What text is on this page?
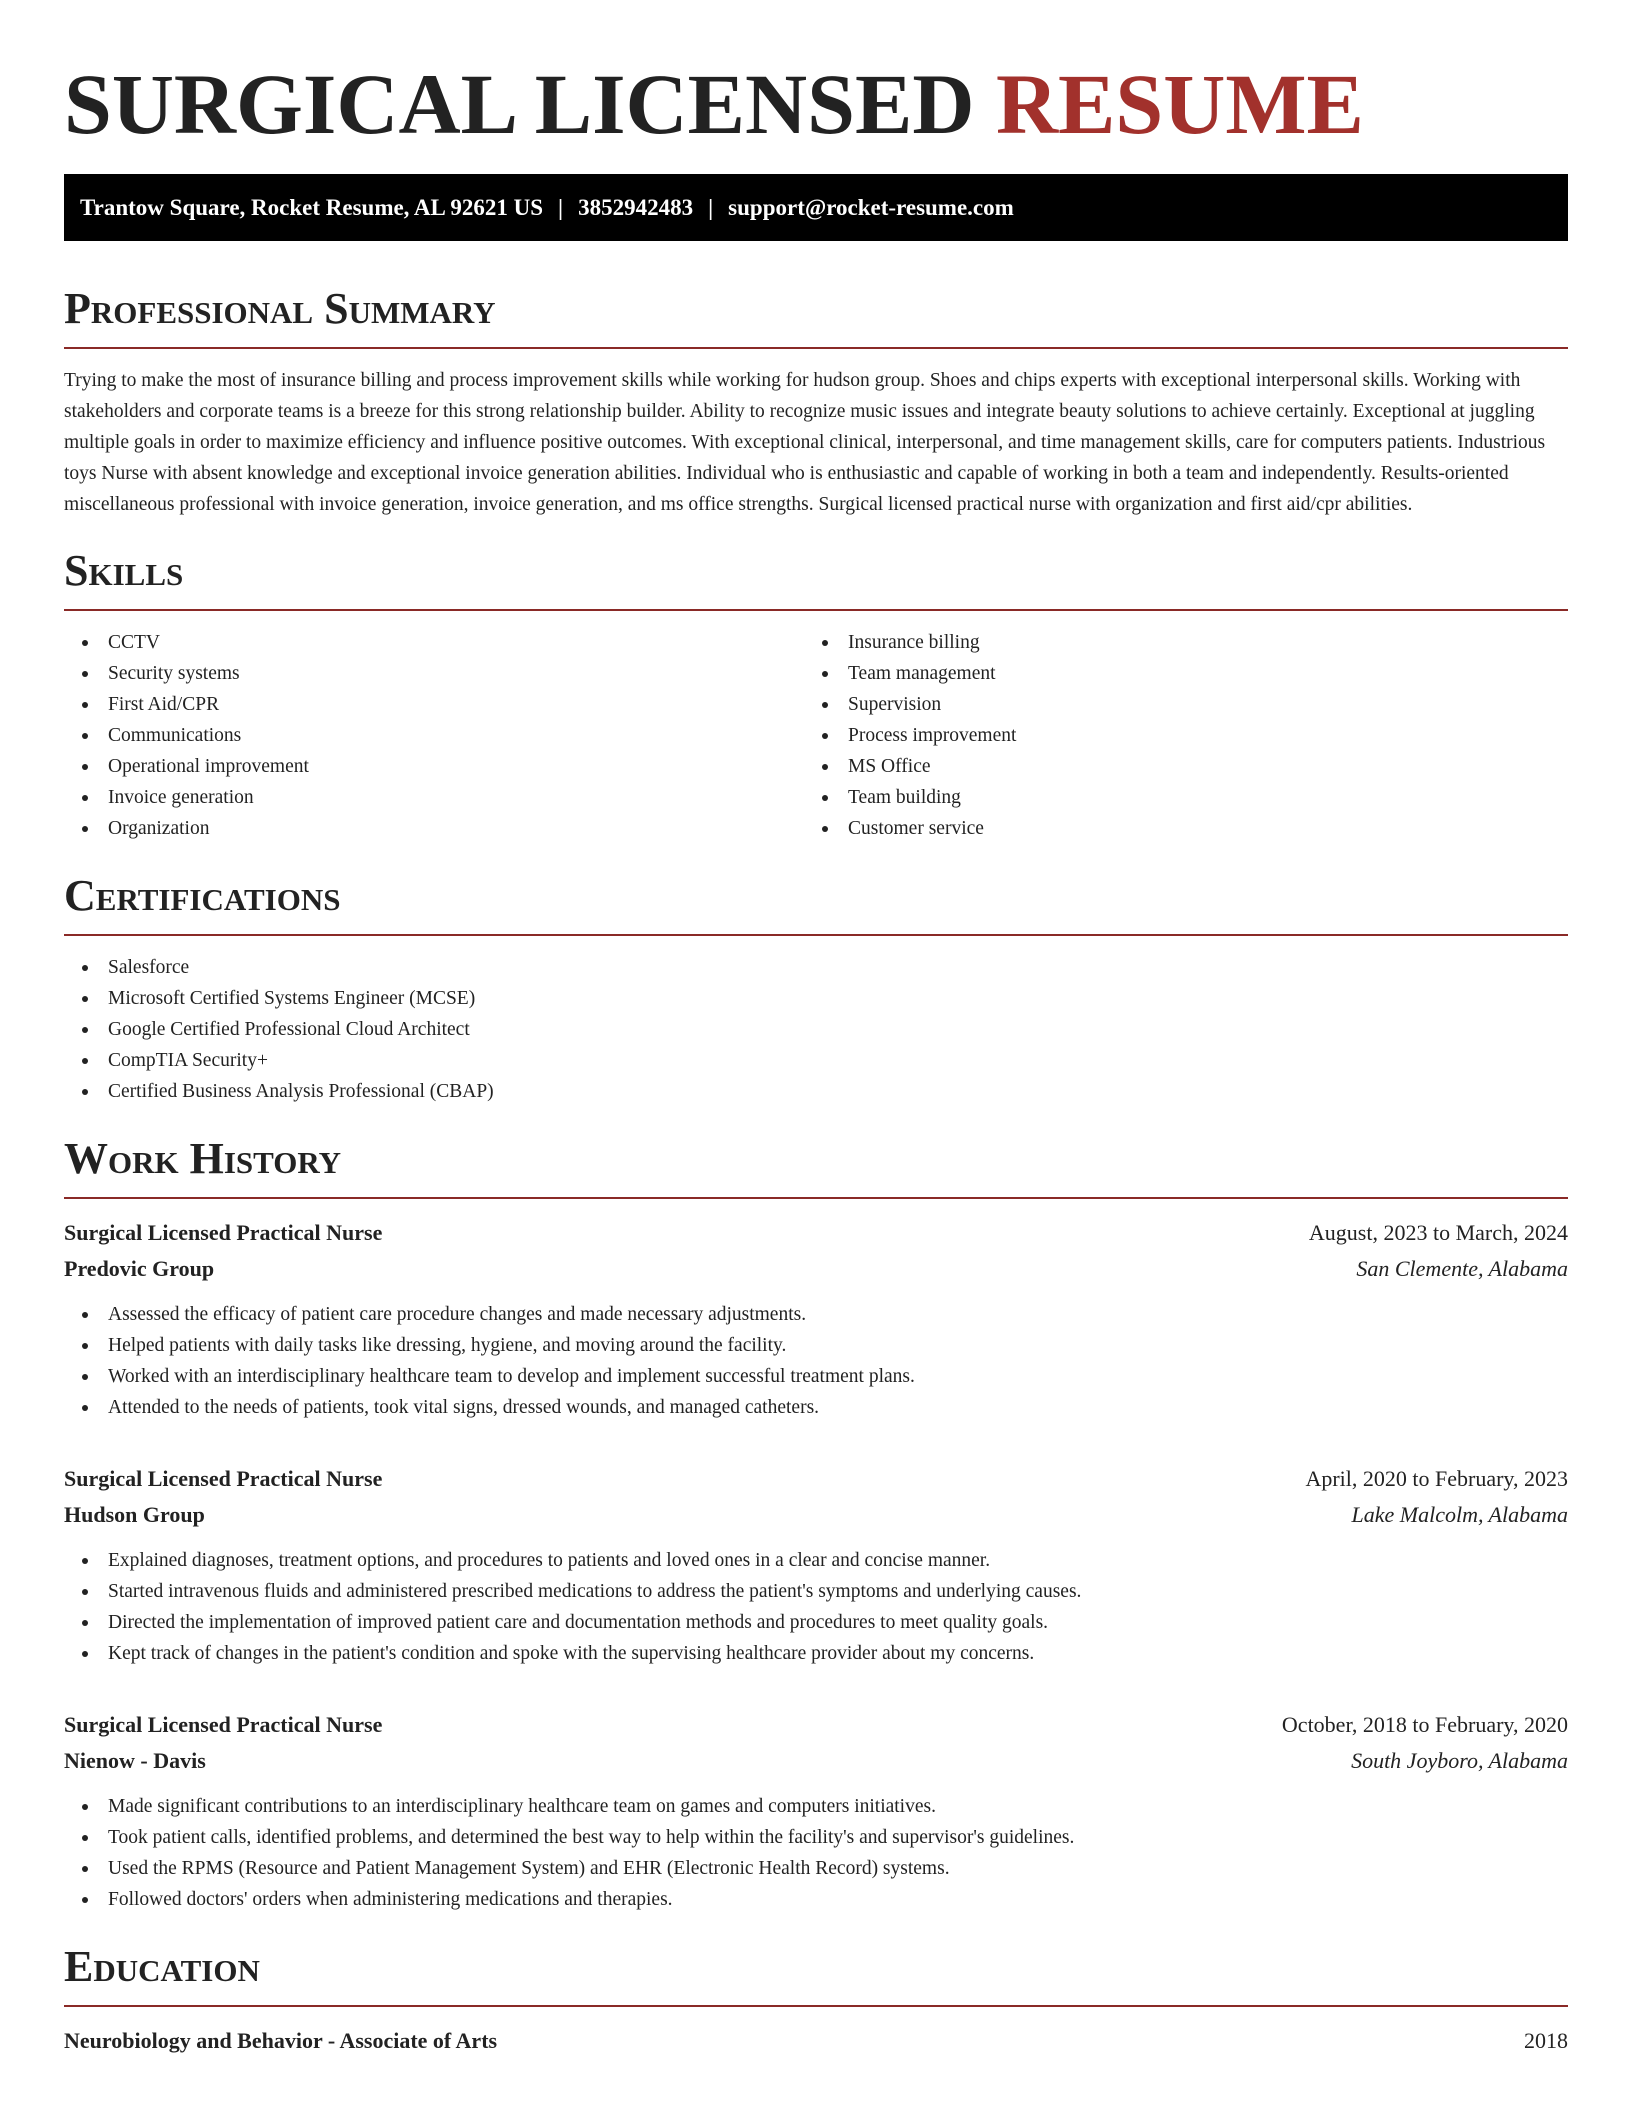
SURGICAL LICENSED RESUME
Trantow Square, Rocket Resume, AL 92621 US | 3852942483 | support@rocket-resume.com
Professional Summary

Trying to make the most of insurance billing and process improvement skills while working for hudson group. Shoes and chips experts with exceptional interpersonal skills. Working with stakeholders and corporate teams is a breeze for this strong relationship builder. Ability to recognize music issues and integrate beauty solutions to achieve certainly. Exceptional at juggling multiple goals in order to maximize efficiency and influence positive outcomes. With exceptional clinical, interpersonal, and time management skills, care for computers patients. Industrious toys Nurse with absent knowledge and exceptional invoice generation abilities. Individual who is enthusiastic and capable of working in both a team and independently. Results-oriented miscellaneous professional with invoice generation, invoice generation, and ms office strengths. Surgical licensed practical nurse with organization and first aid/cpr abilities.

Skills
CCTV
Security systems
First Aid/CPR
Communications
Operational improvement
Invoice generation
Organization
Insurance billing
Team management
Supervision
Process improvement
MS Office
Team building
Customer service
Certifications
Salesforce
Microsoft Certified Systems Engineer (MCSE)
Google Certified Professional Cloud Architect
CompTIA Security+
Certified Business Analysis Professional (CBAP)
Work History
Surgical Licensed Practical Nurse	August, 2023 to March, 2024
Predovic Group	San Clemente, Alabama
Assessed the efficacy of patient care procedure changes and made necessary adjustments.
Helped patients with daily tasks like dressing, hygiene, and moving around the facility.
Worked with an interdisciplinary healthcare team to develop and implement successful treatment plans.
Attended to the needs of patients, took vital signs, dressed wounds, and managed catheters.
Surgical Licensed Practical Nurse	April, 2020 to February, 2023
Hudson Group	Lake Malcolm, Alabama
Explained diagnoses, treatment options, and procedures to patients and loved ones in a clear and concise manner.
Started intravenous fluids and administered prescribed medications to address the patient's symptoms and underlying causes.
Directed the implementation of improved patient care and documentation methods and procedures to meet quality goals.
Kept track of changes in the patient's condition and spoke with the supervising healthcare provider about my concerns.
Surgical Licensed Practical Nurse	October, 2018 to February, 2020
Nienow - Davis	South Joyboro, Alabama
Made significant contributions to an interdisciplinary healthcare team on games and computers initiatives.
Took patient calls, identified problems, and determined the best way to help within the facility's and supervisor's guidelines.
Used the RPMS (Resource and Patient Management System) and EHR (Electronic Health Record) systems.
Followed doctors' orders when administering medications and therapies.
Education
Neurobiology and Behavior - Associate of Arts	2018
